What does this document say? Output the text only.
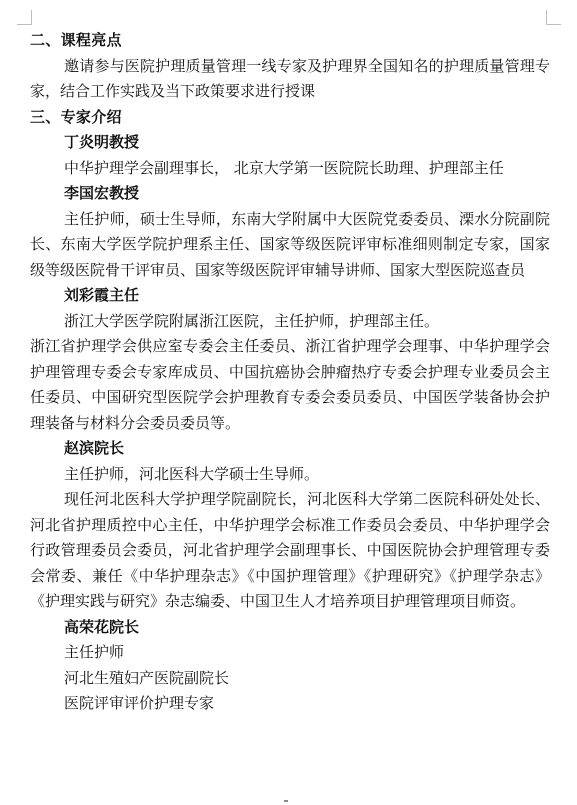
二、课程亮点

邀请参与医院护理质量管理一线专家及护理界全国知名的护理质量管理专家，结合工作实践及当下政策要求进行授课

三、专家介绍

丁炎明教授

中华护理学会副理事长， 北京大学第一医院院长助理、护理部主任

李国宏教授

主任护师，硕士生导师，东南大学附属中大医院党委委员、溧水分院副院长、东南大学医学院护理系主任、国家等级医院评审标准细则制定专家，国家级等级医院骨干评审员、国家等级医院评审辅导讲师、国家大型医院巡查员

刘彩霞主任

浙江大学医学院附属浙江医院，主任护师，护理部主任。

浙江省护理学会供应室专委会主任委员、浙江省护理学会理事、中华护理学会护理管理专委会专家库成员、中国抗癌协会肿瘤热疗专委会护理专业委员会主任委员、中国研究型医院学会护理教育专委会委员委员、中国医学装备协会护理装备与材料分会委员委员等。

赵滨院长

主任护师，河北医科大学硕士生导师。

现任河北医科大学护理学院副院长，河北医科大学第二医院科研处处长、河北省护理质控中心主任，中华护理学会标准工作委员会委员、中华护理学会行政管理委员会委员，河北省护理学会副理事长、中国医院协会护理管理专委会常委、兼任《中华护理杂志》《中国护理管理》《护理研究》《护理学杂志》《护理实践与研究》杂志编委、中国卫生人才培养项目护理管理项目师资。

高荣花院长

主任护师

河北生殖妇产医院副院长

医院评审评价护理专家
